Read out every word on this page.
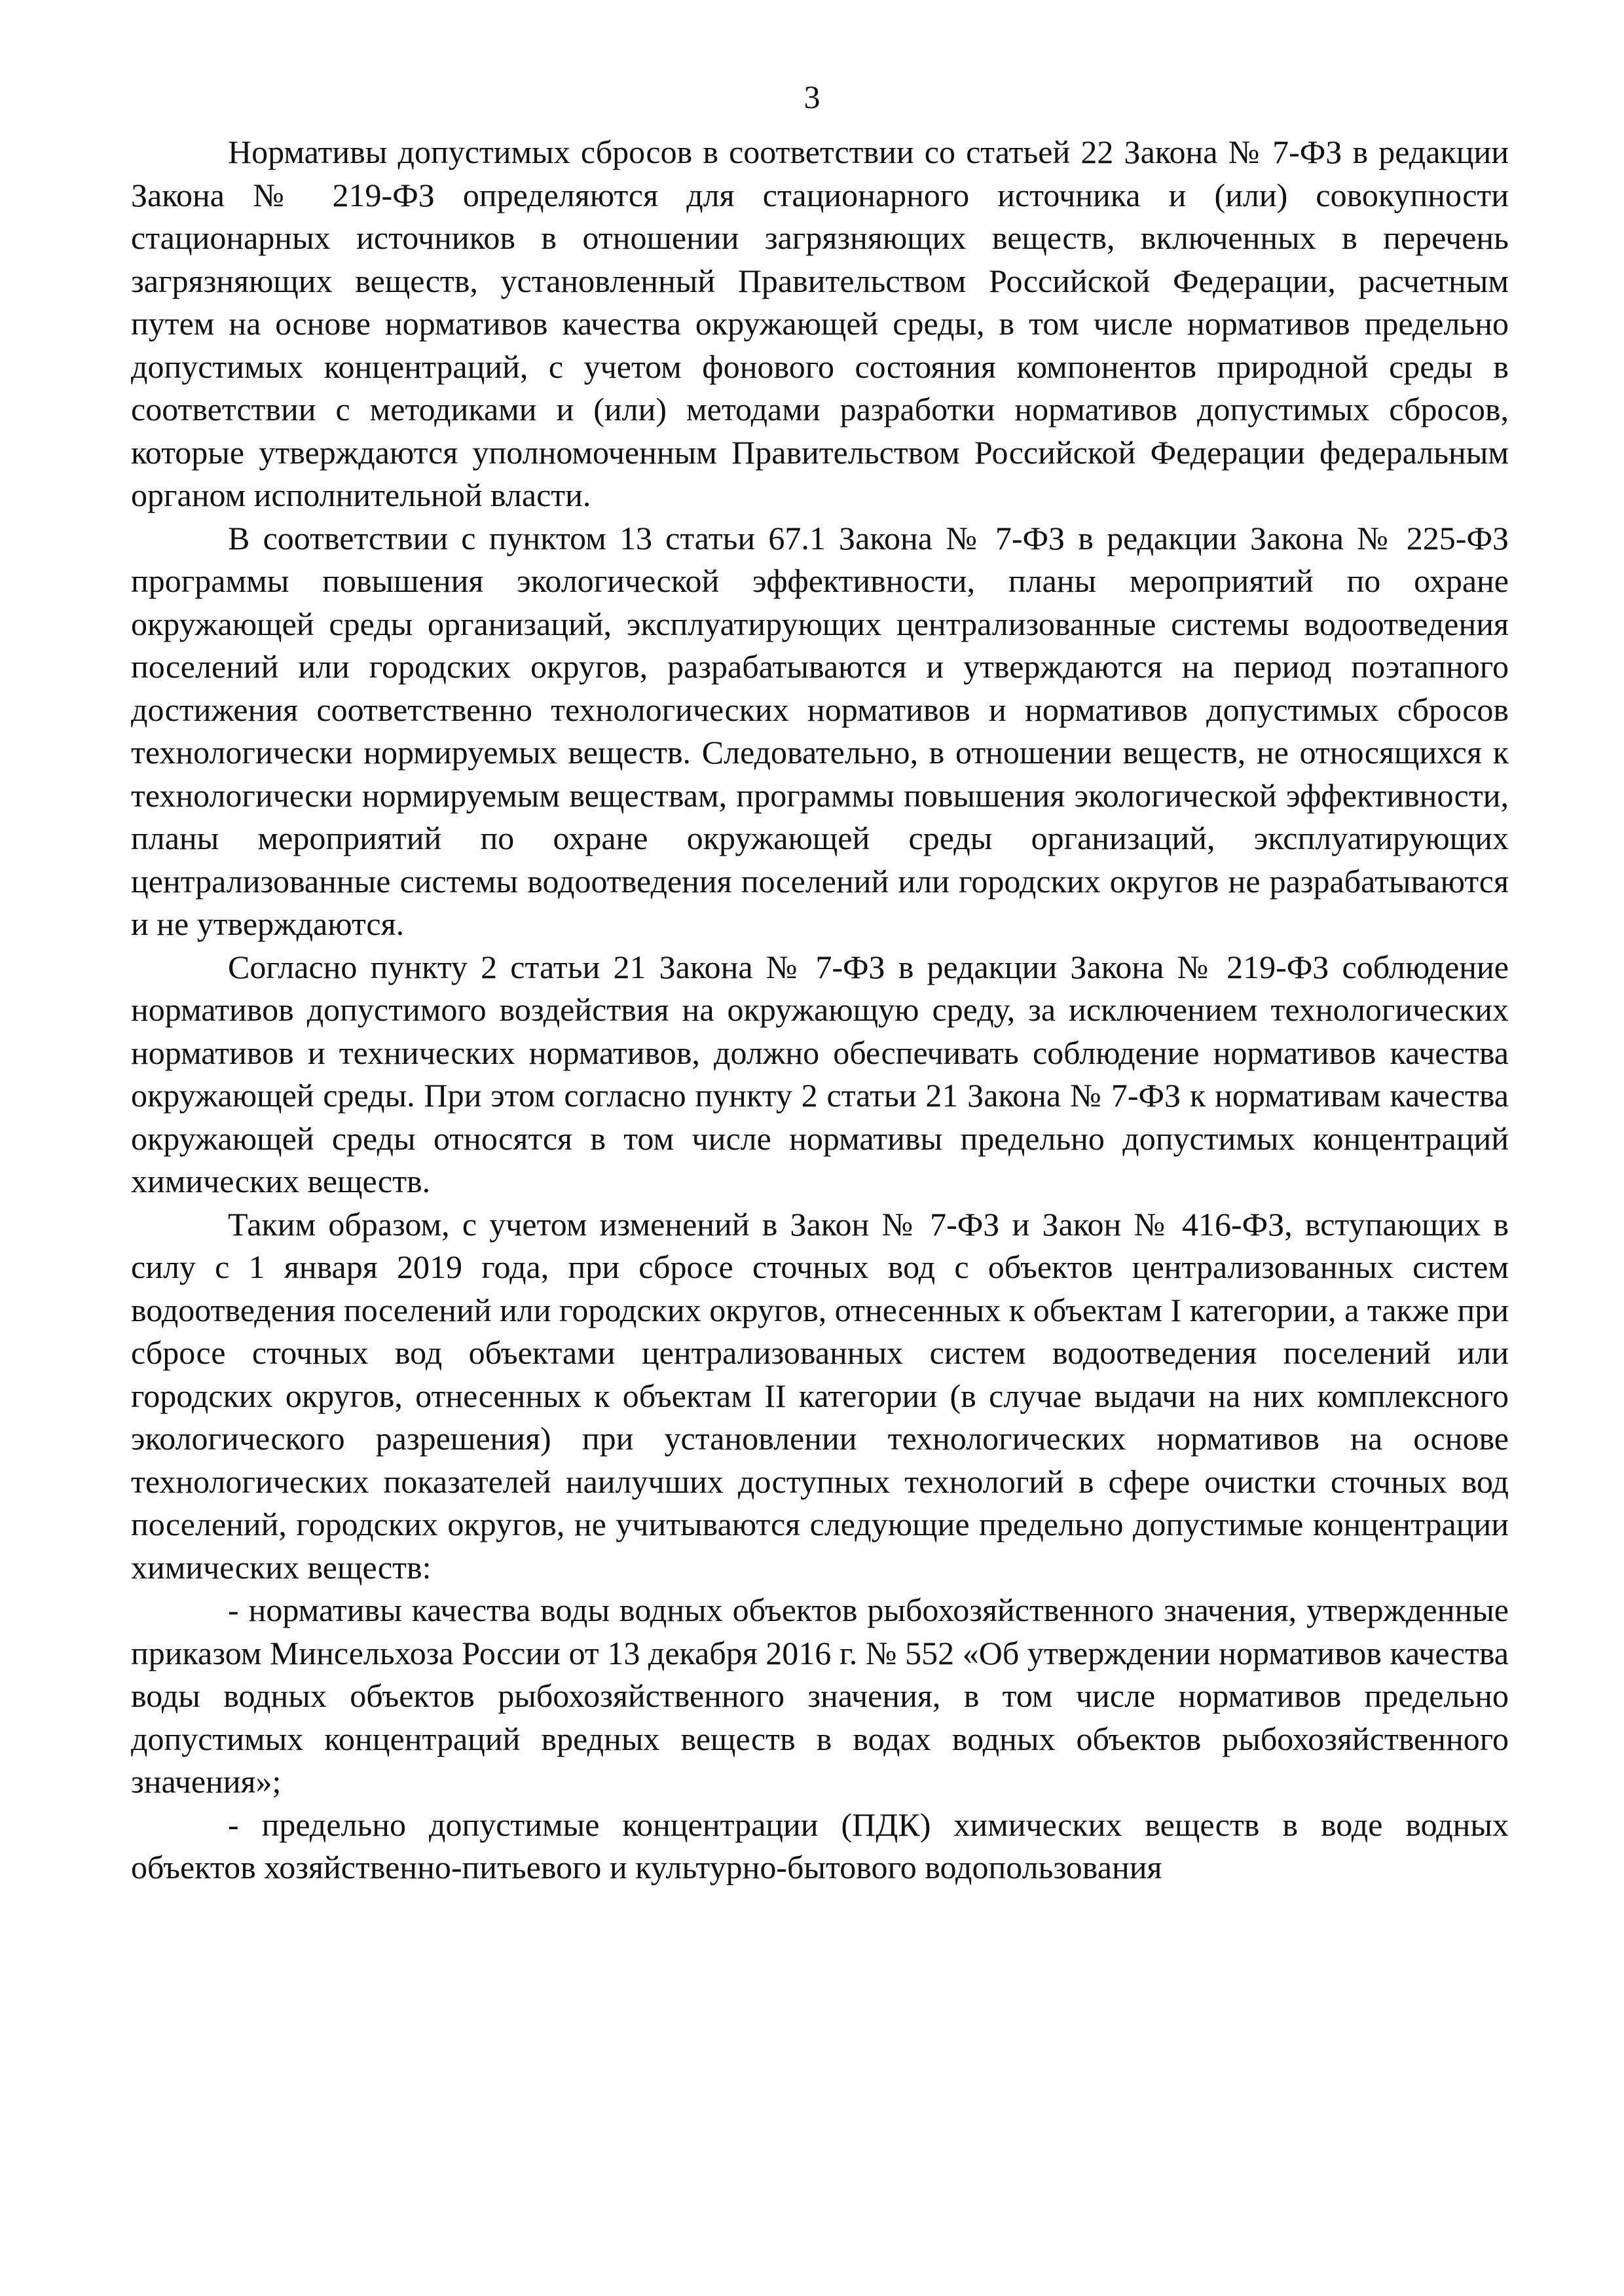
3

Нормативы допустимых сбросов в соответствии со статьей 22 Закона № 7-ФЗ в редакции Закона № 219-ФЗ определяются для стационарного источника и (или) совокупности стационарных источников в отношении загрязняющих веществ, включенных в перечень загрязняющих веществ, установленный Правительством Российской Федерации, расчетным путем на основе нормативов качества окружающей среды, в том числе нормативов предельно допустимых концентраций, с учетом фонового состояния компонентов природной среды в соответствии с методиками и (или) методами разработки нормативов допустимых сбросов, которые утверждаются уполномоченным Правительством Российской Федерации федеральным органом исполнительной власти.

В соответствии с пунктом 13 статьи 67.1 Закона № 7-ФЗ в редакции Закона № 225-ФЗ программы повышения экологической эффективности, планы мероприятий по охране окружающей среды организаций, эксплуатирующих централизованные системы водоотведения поселений или городских округов, разрабатываются и утверждаются на период поэтапного достижения соответственно технологических нормативов и нормативов допустимых сбросов технологически нормируемых веществ. Следовательно, в отношении веществ, не относящихся к технологически нормируемым веществам, программы повышения экологической эффективности, планы мероприятий по охране окружающей среды организаций, эксплуатирующих централизованные системы водоотведения поселений или городских округов не разрабатываются и не утверждаются.

Согласно пункту 2 статьи 21 Закона № 7-ФЗ в редакции Закона № 219-ФЗ соблюдение нормативов допустимого воздействия на окружающую среду, за исключением технологических нормативов и технических нормативов, должно обеспечивать соблюдение нормативов качества окружающей среды. При этом согласно пункту 2 статьи 21 Закона № 7-ФЗ к нормативам качества окружающей среды относятся в том числе нормативы предельно допустимых концентраций химических веществ.

Таким образом, с учетом изменений в Закон № 7-ФЗ и Закон № 416-ФЗ, вступающих в силу с 1 января 2019 года, при сбросе сточных вод с объектов централизованных систем водоотведения поселений или городских округов, отнесенных к объектам I категории, а также при сбросе сточных вод объектами централизованных систем водоотведения поселений или городских округов, отнесенных к объектам II категории (в случае выдачи на них комплексного экологического разрешения) при установлении технологических нормативов на основе технологических показателей наилучших доступных технологий в сфере очистки сточных вод поселений, городских округов, не учитываются следующие предельно допустимые концентрации химических веществ:

- нормативы качества воды водных объектов рыбохозяйственного значения, утвержденные приказом Минсельхоза России от 13 декабря 2016 г. № 552 «Об утверждении нормативов качества воды водных объектов рыбохозяйственного значения, в том числе нормативов предельно допустимых концентраций вредных веществ в водах водных объектов рыбохозяйственного значения»;

- предельно допустимые концентрации (ПДК) химических веществ в воде водных объектов хозяйственно-питьевого и культурно-бытового водопользования
